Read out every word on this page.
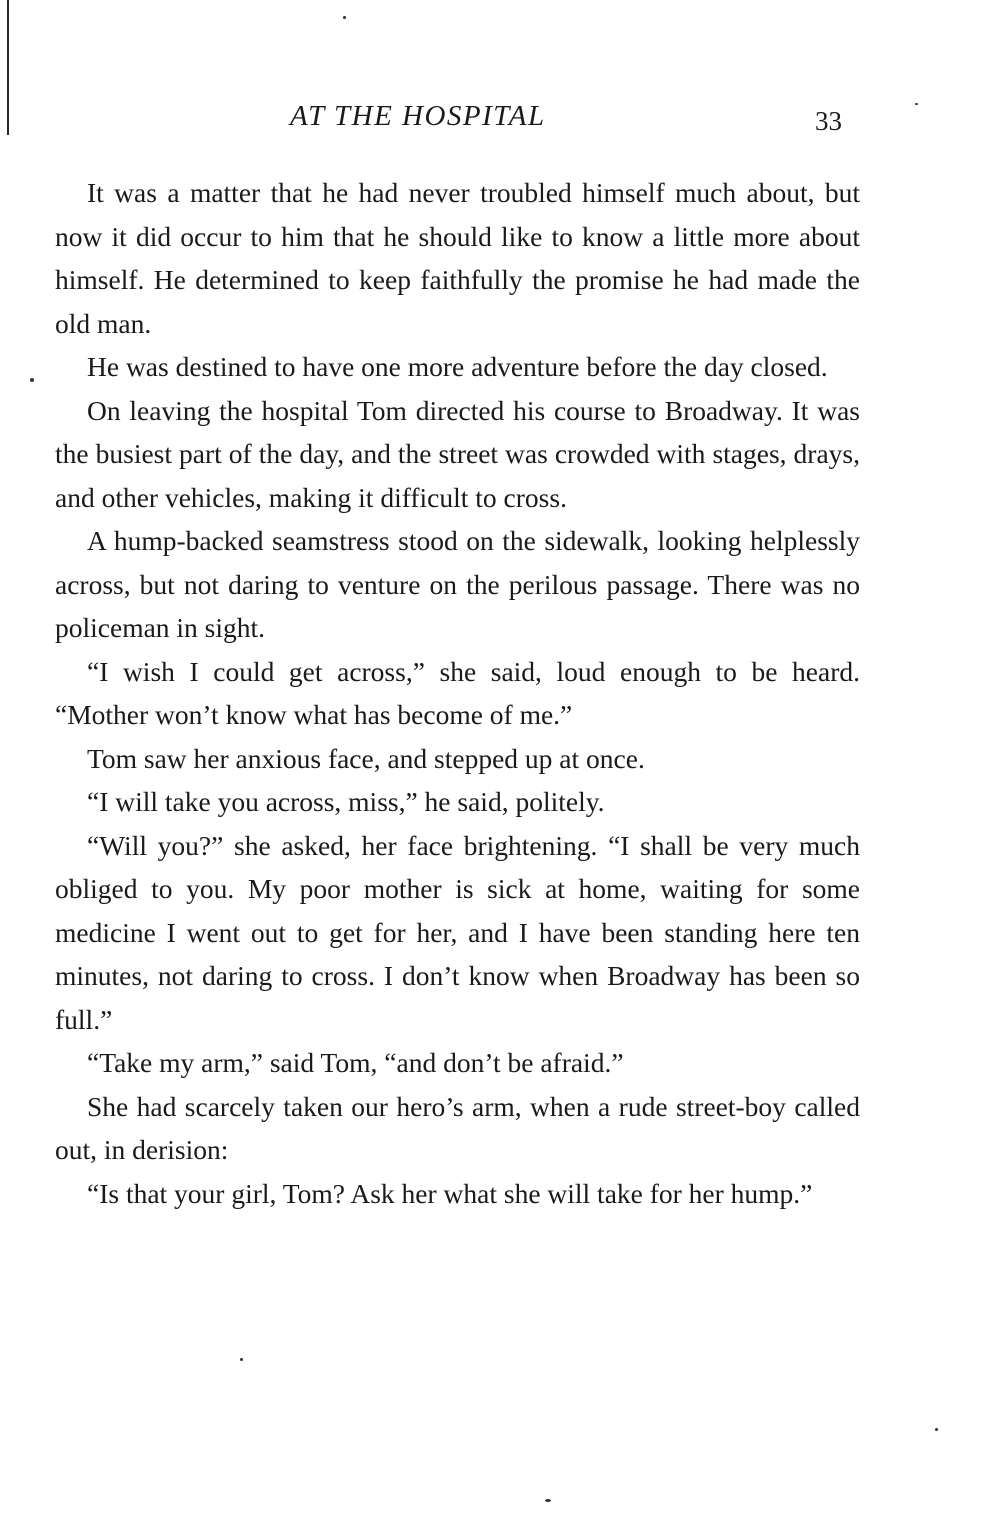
AT THE HOSPITAL	33

It was a matter that he had never troubled himself much about, but now it did occur to him that he should like to know a little more about himself. He determined to keep faithfully the promise he had made the old man.

He was destined to have one more adventure before the day closed.

On leaving the hospital Tom directed his course to Broadway. It was the busiest part of the day, and the street was crowded with stages, drays, and other vehicles, making it difficult to cross.

A hump-backed seamstress stood on the sidewalk, looking helplessly across, but not daring to venture on the perilous passage. There was no policeman in sight.

“I wish I could get across,” she said, loud enough to be heard. “Mother won’t know what has become of me.”

Tom saw her anxious face, and stepped up at once.

“I will take you across, miss,” he said, politely.

“Will you?” she asked, her face brightening. “I shall be very much obliged to you. My poor mother is sick at home, waiting for some medicine I went out to get for her, and I have been standing here ten minutes, not daring to cross. I don’t know when Broadway has been so full.”

“Take my arm,” said Tom, “and don’t be afraid.”

She had scarcely taken our hero’s arm, when a rude street-boy called out, in derision:

“Is that your girl, Tom? Ask her what she will take for her hump.”
